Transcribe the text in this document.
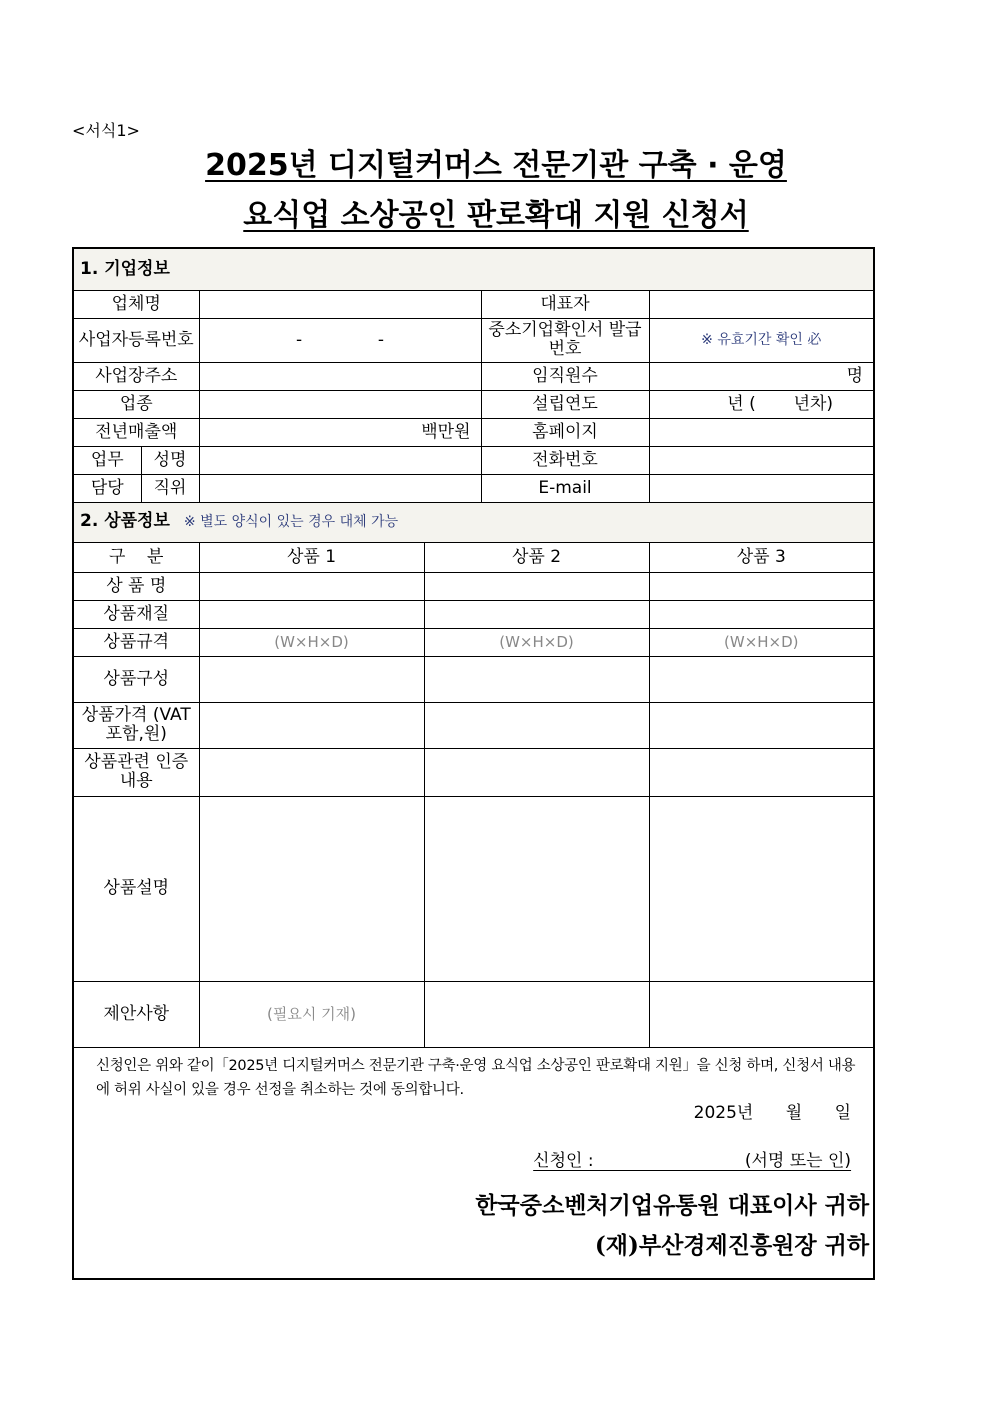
<서식1>
2025년 디지털커머스 전문기관 구축 · 운영
요식업 소상공인 판로확대 지원 신청서
1. 기업정보					
업체명				대표자	
사업자등록번호		-              -		중소기업확인서 발급번호	※ 유효기간 확인 必
사업장주소				임직원수	명
업종				설립연도	년 (       년차)
전년매출액		백만원		홈페이지	
업무	성명			전화번호	
담당	직위			E-mail	
2. 상품정보 ※ 별도 양식이 있는 경우 대체 가능					
구    분		상품 1	상품 2		상품 3
상 품 명					
상품재질					
상품규격		(W×H×D)	(W×H×D)		(W×H×D)
상품구성					
상품가격 (VAT포함,원)					
상품관련 인증내용					
상품설명					
제안사항		(필요시 기재)			

신청인은 위와 같이「2025년 디지털커머스 전문기관 구축·운영 요식업 소상공인 판로확대 지원」을 신청 하며, 신청서 내용에 허위 사실이 있을 경우 선정을 취소하는 것에 동의합니다.
2025년      월      일
신청인 :                            (서명 또는 인)
한국중소벤처기업유통원 대표이사 귀하
(재)부산경제진흥원장 귀하					
